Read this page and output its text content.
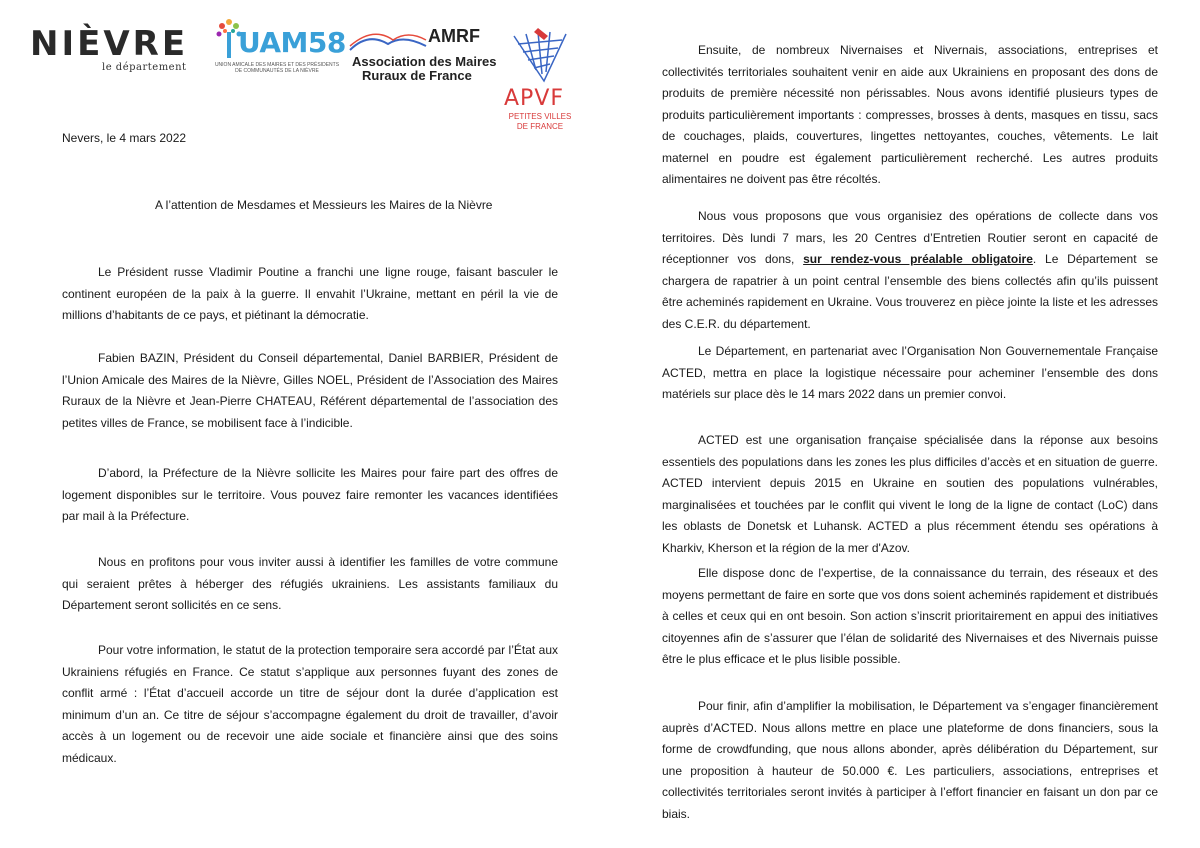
NIÈVRE
le département
UAM58
UNION AMICALE DES MAIRES ET DES PRÉSIDENTS DE COMMUNAUTÉS DE LA NIÈVRE
AMRF
Association des Maires
Ruraux de France
APVF
PETITES VILLES
DE FRANCE
Nevers, le 4 mars 2022
A l’attention de Mesdames et Messieurs les Maires de la Nièvre

Le Président russe Vladimir Poutine a franchi une ligne rouge, faisant basculer le continent européen de la paix à la guerre. Il envahit l’Ukraine, mettant en péril la vie de millions d’habitants de ce pays, et piétinant la démocratie.

Fabien BAZIN, Président du Conseil départemental, Daniel BARBIER, Président de l’Union Amicale des Maires de la Nièvre, Gilles NOEL, Président de l’Association des Maires Ruraux de la Nièvre et Jean-Pierre CHATEAU, Référent départemental de l’association des petites villes de France, se mobilisent face à l’indicible.

D’abord, la Préfecture de la Nièvre sollicite les Maires pour faire part des offres de logement disponibles sur le territoire. Vous pouvez faire remonter les vacances identifiées par mail à la Préfecture.

Nous en profitons pour vous inviter aussi à identifier les familles de votre commune qui seraient prêtes à héberger des réfugiés ukrainiens. Les assistants familiaux du Département seront sollicités en ce sens.

Pour votre information, le statut de la protection temporaire sera accordé par l’État aux Ukrainiens réfugiés en France. Ce statut s’applique aux personnes fuyant des zones de conflit armé : l’État d’accueil accorde un titre de séjour dont la durée d’application est minimum d’un an. Ce titre de séjour s’accompagne également du droit de travailler, d’avoir accès à un logement ou de recevoir une aide sociale et financière ainsi que des soins médicaux.

Ensuite, de nombreux Nivernaises et Nivernais, associations, entreprises et collectivités territoriales souhaitent venir en aide aux Ukrainiens en proposant des dons de produits de première nécessité non périssables. Nous avons identifié plusieurs types de produits particulièrement importants : compresses, brosses à dents, masques en tissu, sacs de couchages, plaids, couvertures, lingettes nettoyantes, couches, vêtements. Le lait maternel en poudre est également particulièrement recherché. Les autres produits alimentaires ne doivent pas être récoltés.

Nous vous proposons que vous organisiez des opérations de collecte dans vos territoires. Dès lundi 7 mars, les 20 Centres d’Entretien Routier seront en capacité de réceptionner vos dons, sur rendez-vous préalable obligatoire. Le Département se chargera de rapatrier à un point central l’ensemble des biens collectés afin qu’ils puissent être acheminés rapidement en Ukraine. Vous trouverez en pièce jointe la liste et les adresses des C.E.R. du département.

Le Département, en partenariat avec l’Organisation Non Gouvernementale Française ACTED, mettra en place la logistique nécessaire pour acheminer l’ensemble des dons matériels sur place dès le 14 mars 2022 dans un premier convoi.

ACTED est une organisation française spécialisée dans la réponse aux besoins essentiels des populations dans les zones les plus difficiles d’accès et en situation de guerre. ACTED intervient depuis 2015 en Ukraine en soutien des populations vulnérables, marginalisées et touchées par le conflit qui vivent le long de la ligne de contact (LoC) dans les oblasts de Donetsk et Luhansk. ACTED a plus récemment étendu ses opérations à Kharkiv, Kherson et la région de la mer d'Azov.

Elle dispose donc de l’expertise, de la connaissance du terrain, des réseaux et des moyens permettant de faire en sorte que vos dons soient acheminés rapidement et distribués à celles et ceux qui en ont besoin. Son action s’inscrit prioritairement en appui des initiatives citoyennes afin de s’assurer que l’élan de solidarité des Nivernaises et des Nivernais puisse être le plus efficace et le plus lisible possible.

Pour finir, afin d’amplifier la mobilisation, le Département va s’engager financièrement auprès d’ACTED. Nous allons mettre en place une plateforme de dons financiers, sous la forme de crowdfunding, que nous allons abonder, après délibération du Département, sur une proposition à hauteur de 50.000 €. Les particuliers, associations, entreprises et collectivités territoriales seront invités à participer à l’effort financier en faisant un don par ce biais.
